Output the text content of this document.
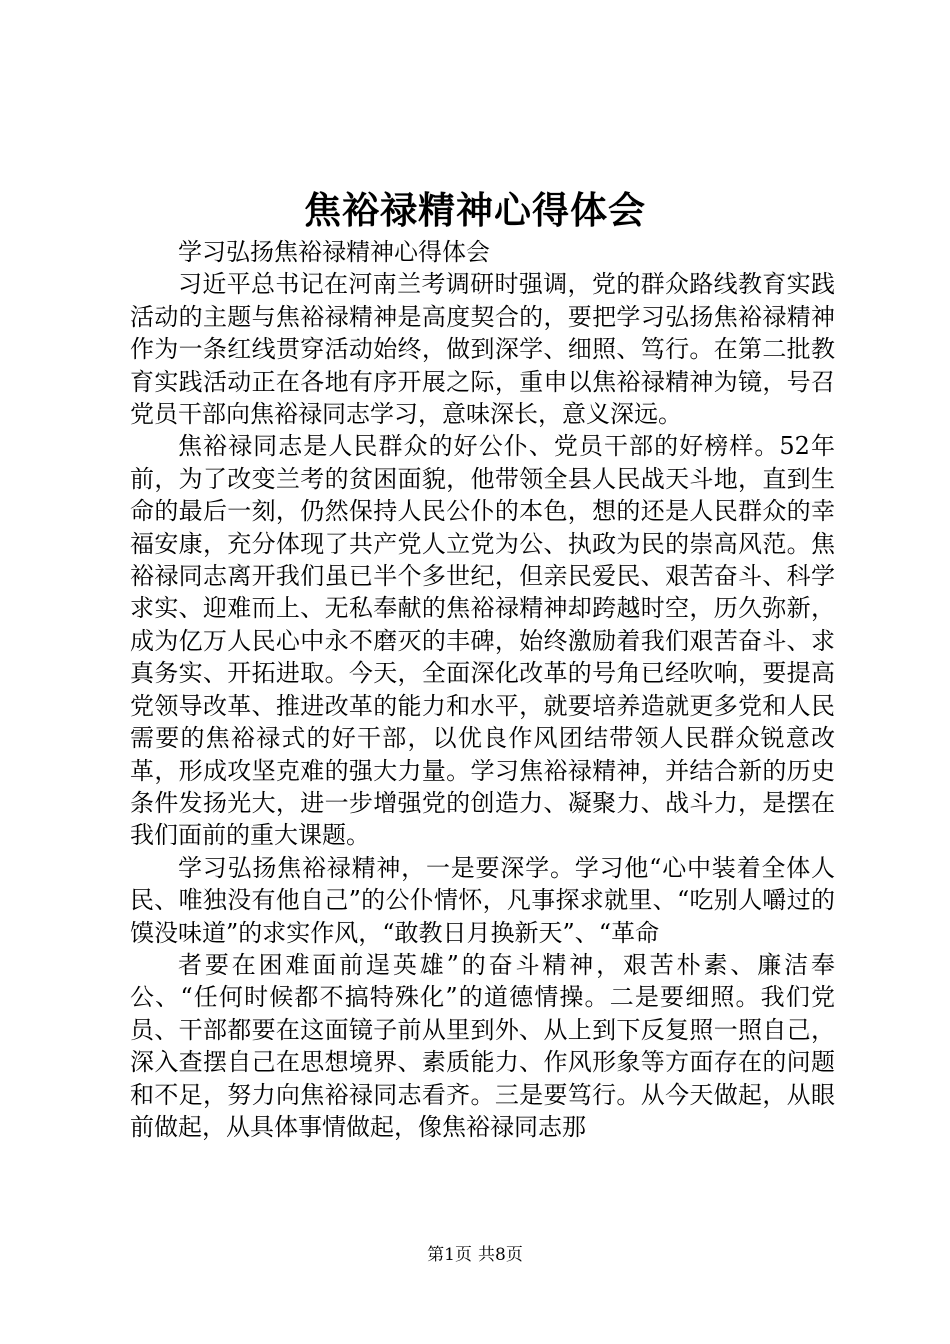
焦裕禄精神心得体会

学习弘扬焦裕禄精神心得体会

习近平总书记在河南兰考调研时强调，党的群众路线教育实践活动的主题与焦裕禄精神是高度契合的，要把学习弘扬焦裕禄精神作为一条红线贯穿活动始终，做到深学、细照、笃行。在第二批教育实践活动正在各地有序开展之际，重申以焦裕禄精神为镜，号召党员干部向焦裕禄同志学习，意味深长，意义深远。

焦裕禄同志是人民群众的好公仆、党员干部的好榜样。52年前，为了改变兰考的贫困面貌，他带领全县人民战天斗地，直到生命的最后一刻，仍然保持人民公仆的本色，想的还是人民群众的幸福安康，充分体现了共产党人立党为公、执政为民的崇高风范。焦裕禄同志离开我们虽已半个多世纪，但亲民爱民、艰苦奋斗、科学求实、迎难而上、无私奉献的焦裕禄精神却跨越时空，历久弥新，成为亿万人民心中永不磨灭的丰碑，始终激励着我们艰苦奋斗、求真务实、开拓进取。今天，全面深化改革的号角已经吹响，要提高党领导改革、推进改革的能力和水平，就要培养造就更多党和人民需要的焦裕禄式的好干部，以优良作风团结带领人民群众锐意改革，形成攻坚克难的强大力量。学习焦裕禄精神，并结合新的历史条件发扬光大，进一步增强党的创造力、凝聚力、战斗力，是摆在我们面前的重大课题。

学习弘扬焦裕禄精神，一是要深学。学习他“心中装着全体人民、唯独没有他自己”的公仆情怀，凡事探求就里、“吃别人嚼过的馍没味道”的求实作风，“敢教日月换新天”、“革命

者要在困难面前逞英雄”的奋斗精神，艰苦朴素、廉洁奉公、“任何时候都不搞特殊化”的道德情操。二是要细照。我们党员、干部都要在这面镜子前从里到外、从上到下反复照一照自己，深入查摆自己在思想境界、素质能力、作风形象等方面存在的问题和不足，努力向焦裕禄同志看齐。三是要笃行。从今天做起，从眼前做起，从具体事情做起，像焦裕禄同志那

第1页 共8页
